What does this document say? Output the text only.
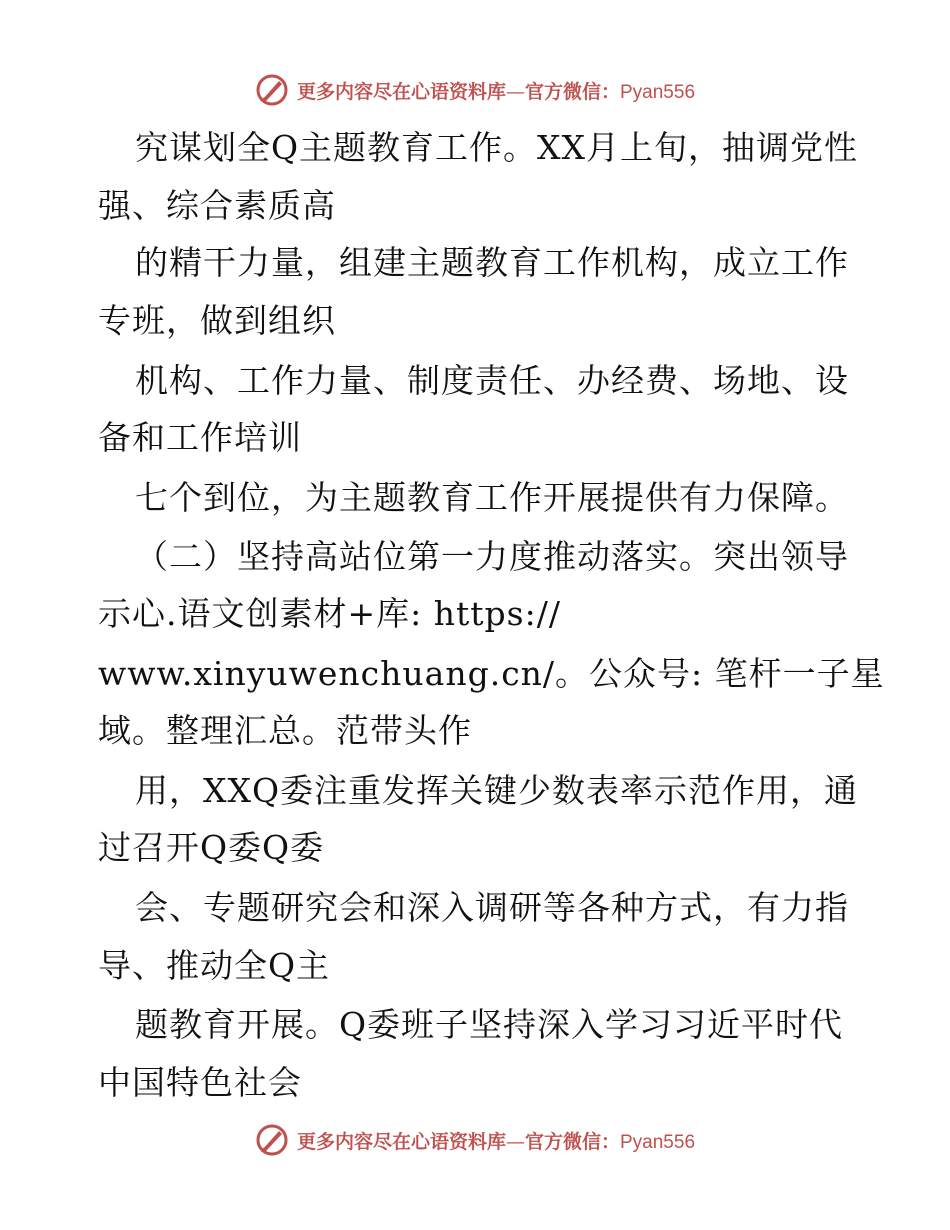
更多内容尽在心语资料库—官方微信：Pyan556
究谋划全Q主题教育工作。XX月上旬，抽调党性
强、综合素质高
的精干力量，组建主题教育工作机构，成立工作
专班，做到组织
机构、工作力量、制度责任、办经费、场地、设
备和工作培训
七个到位，为主题教育工作开展提供有力保障。
（二）坚持高站位第一力度推动落实。突出领导
示心.语文创素材+库: https://
www.xinyuwenchuang.cn/。公众号: 笔杆一子星
域。整理汇总。范带头作
用，XXQ委注重发挥关键少数表率示范作用，通
过召开Q委Q委
会、专题研究会和深入调研等各种方式，有力指
导、推动全Q主
题教育开展。Q委班子坚持深入学习习近平时代
中国特色社会
更多内容尽在心语资料库—官方微信：Pyan556
